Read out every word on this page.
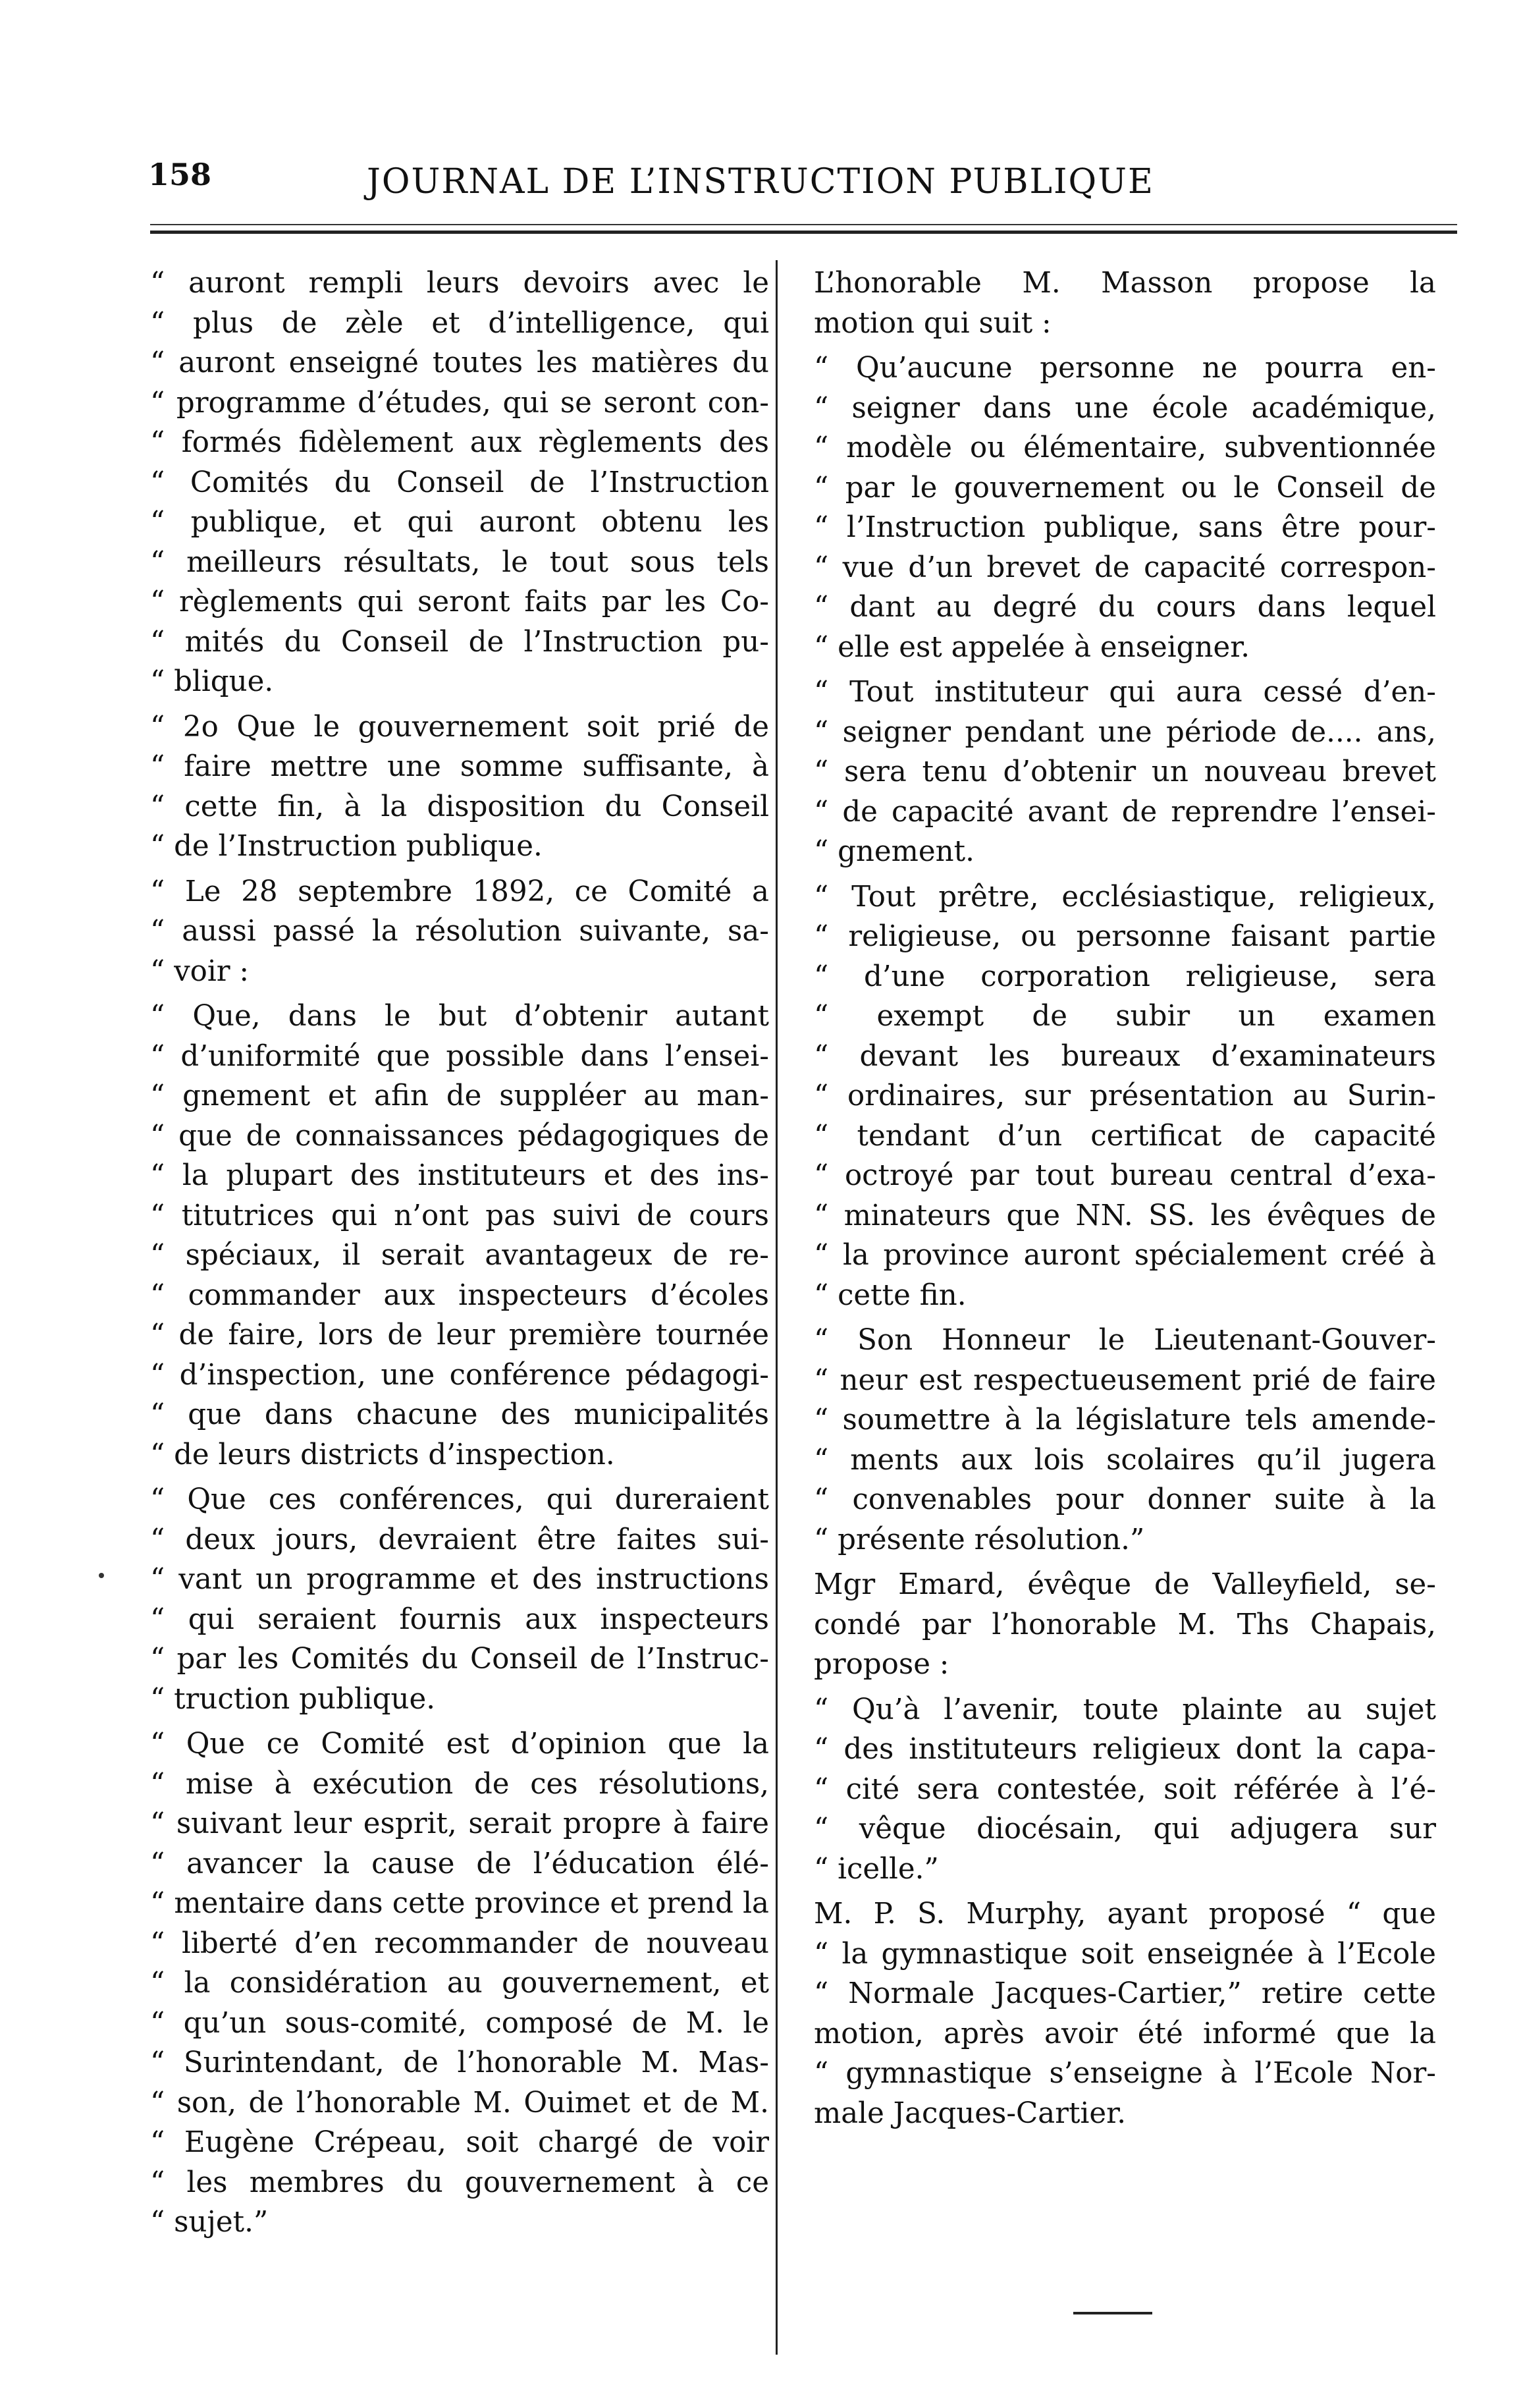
158	JOURNAL DE L’INSTRUCTION PUBLIQUE
“ auront rempli leurs devoirs avec le
“ plus de zèle et d’intelligence, qui
“ auront enseigné toutes les matières du
“ programme d’études, qui se seront con-
“ formés fidèlement aux règlements des
“ Comités du Conseil de l’Instruction
“ publique, et qui auront obtenu les
“ meilleurs résultats, le tout sous tels
“ règlements qui seront faits par les Co-
“ mités du Conseil de l’Instruction pu-
“ blique.
“ 2o Que le gouvernement soit prié de
“ faire mettre une somme suffisante, à
“ cette fin, à la disposition du Conseil
“ de l’Instruction publique.
“ Le 28 septembre 1892, ce Comité a
“ aussi passé la résolution suivante, sa-
“ voir :
“ Que, dans le but d’obtenir autant
“ d’uniformité que possible dans l’ensei-
“ gnement et afin de suppléer au man-
“ que de connaissances pédagogiques de
“ la plupart des instituteurs et des ins-
“ titutrices qui n’ont pas suivi de cours
“ spéciaux, il serait avantageux de re-
“ commander aux inspecteurs d’écoles
“ de faire, lors de leur première tournée
“ d’inspection, une conférence pédagogi-
“ que dans chacune des municipalités
“ de leurs districts d’inspection.
“ Que ces conférences, qui dureraient
“ deux jours, devraient être faites sui-
“ vant un programme et des instructions
“ qui seraient fournis aux inspecteurs
“ par les Comités du Conseil de l’Instruc-
“ truction publique.
“ Que ce Comité est d’opinion que la
“ mise à exécution de ces résolutions,
“ suivant leur esprit, serait propre à faire
“ avancer la cause de l’éducation élé-
“ mentaire dans cette province et prend la
“ liberté d’en recommander de nouveau
“ la considération au gouvernement, et
“ qu’un sous-comité, composé de M. le
“ Surintendant, de l’honorable M. Mas-
“ son, de l’honorable M. Ouimet et de M.
“ Eugène Crépeau, soit chargé de voir
“ les membres du gouvernement à ce
“ sujet.”
L’honorable M. Masson propose la
motion qui suit :
“ Qu’aucune personne ne pourra en-
“ seigner dans une école académique,
“ modèle ou élémentaire, subventionnée
“ par le gouvernement ou le Conseil de
“ l’Instruction publique, sans être pour-
“ vue d’un brevet de capacité correspon-
“ dant au degré du cours dans lequel
“ elle est appelée à enseigner.
“ Tout instituteur qui aura cessé d’en-
“ seigner pendant une période de.... ans,
“ sera tenu d’obtenir un nouveau brevet
“ de capacité avant de reprendre l’ensei-
“ gnement.
“ Tout prêtre, ecclésiastique, religieux,
“ religieuse, ou personne faisant partie
“ d’une corporation religieuse, sera
“ exempt de subir un examen
“ devant les bureaux d’examinateurs
“ ordinaires, sur présentation au Surin-
“ tendant d’un certificat de capacité
“ octroyé par tout bureau central d’exa-
“ minateurs que NN. SS. les évêques de
“ la province auront spécialement créé à
“ cette fin.
“ Son Honneur le Lieutenant-Gouver-
“ neur est respectueusement prié de faire
“ soumettre à la législature tels amende-
“ ments aux lois scolaires qu’il jugera
“ convenables pour donner suite à la
“ présente résolution.”
Mgr Emard, évêque de Valleyfield, se-
condé par l’honorable M. Ths Chapais,
propose :
“ Qu’à l’avenir, toute plainte au sujet
“ des instituteurs religieux dont la capa-
“ cité sera contestée, soit référée à l’é-
“ vêque diocésain, qui adjugera sur
“ icelle.”
M. P. S. Murphy, ayant proposé “ que
“ la gymnastique soit enseignée à l’Ecole
“ Normale Jacques-Cartier,” retire cette
motion, après avoir été informé que la
“ gymnastique s’enseigne à l’Ecole Nor-
male Jacques-Cartier.
